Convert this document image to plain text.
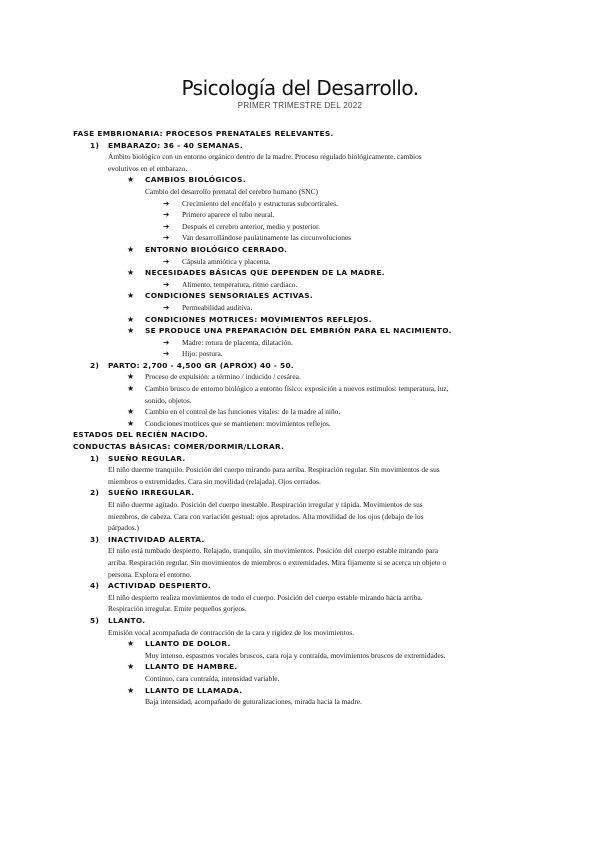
Psicología del Desarrollo.
PRIMER TRIMESTRE DEL 2022
FASE EMBRIONARIA: PROCESOS PRENATALES RELEVANTES.
1) EMBARAZO: 36 - 40 SEMANAS.
Ámbito biológico con un entorno orgánico dentro de la madre. Proceso regulado biológicamente. cambios
evolutivos en el embarazo.
★ CAMBIOS BIOLÓGICOS.
Cambio del desarrollo prenatal del cerebro humano (SNC)
➔ Crecimiento del encéfalo y estructuras subcorticales.
➔ Primero aparece el tubo neural.
➔ Después el cerebro anterior, medio y posterior.
➔ Van desarrollándose paulatinamente las circunvoluciones
★ ENTORNO BIOLÓGICO CERRADO.
➔ Cápsula amniótica y placenta.
★ NECESIDADES BÁSICAS QUE DEPENDEN DE LA MADRE.
➔ Alimento, temperatura, ritmo cardiaco.
★ CONDICIONES SENSORIALES ACTIVAS.
➔ Permeabilidad auditiva.
★ CONDICIONES MOTRICES: MOVIMIENTOS REFLEJOS.
★ SE PRODUCE UNA PREPARACIÓN DEL EMBRIÓN PARA EL NACIMIENTO.
➔ Madre: rotura de placenta, dilatación.
➔ Hijo: postura.
2) PARTO: 2,700 - 4,500 GR (APROX) 40 - 50.
★ Proceso de expulsión: a término / inducido / cesárea.
★ Cambio brusco de entorno biológico a entorno físico: exposición a nuevos estímulos: temperatura, luz,
sonido, objetos.
★ Cambio en el control de las funciones vitales: de la madre al niño.
★ Condiciones motrices que se mantienen: movimientos reflejos.
ESTADOS DEL RECIÉN NACIDO.
CONDUCTAS BÁSICAS: COMER/DORMIR/LLORAR.
1) SUEÑO REGULAR.
El niño duerme tranquilo. Posición del cuerpo mirando para arriba. Respiración regular. Sin movimientos de sus
miembros o extremidades. Cara sin movilidad (relajada). Ojos cerrados.
2) SUEÑO IRREGULAR.
El niño duerme agitado. Posición del cuerpo inestable. Respiración irregular y rápida. Movimientos de sus
miembros, de cabeza. Cara con variación gestual: ojos apretados. Alta movilidad de los ojos (debajo de los
párpados.)
3) INACTIVIDAD ALERTA.
El niño está tumbado despierto. Relajado, tranquilo, sin movimientos. Posición del cuerpo estable mirando para
arriba. Respiración regular. Sin movimientos de miembros o extremidades. Mira fijamente si se acerca un objeto o
persona. Explora el entorno.
4) ACTIVIDAD DESPIERTO.
El niño despierto realiza movimientos de todo el cuerpo. Posición del cuerpo estable mirando hacia arriba.
Respiración irregular. Emite pequeños gorjeos.
5) LLANTO.
Emisión vocal acompañada de contracción de la cara y rigidez de los movimientos.
★ LLANTO DE DOLOR.
Muy intenso, espasmos vocales bruscos, cara roja y contraída, movimientos bruscos de extremidades.
★ LLANTO DE HAMBRE.
Continuo, cara contraída, intensidad variable.
★ LLANTO DE LLAMADA.
Baja intensidad, acompañado de guturalizaciones, mirada hacia la madre.
